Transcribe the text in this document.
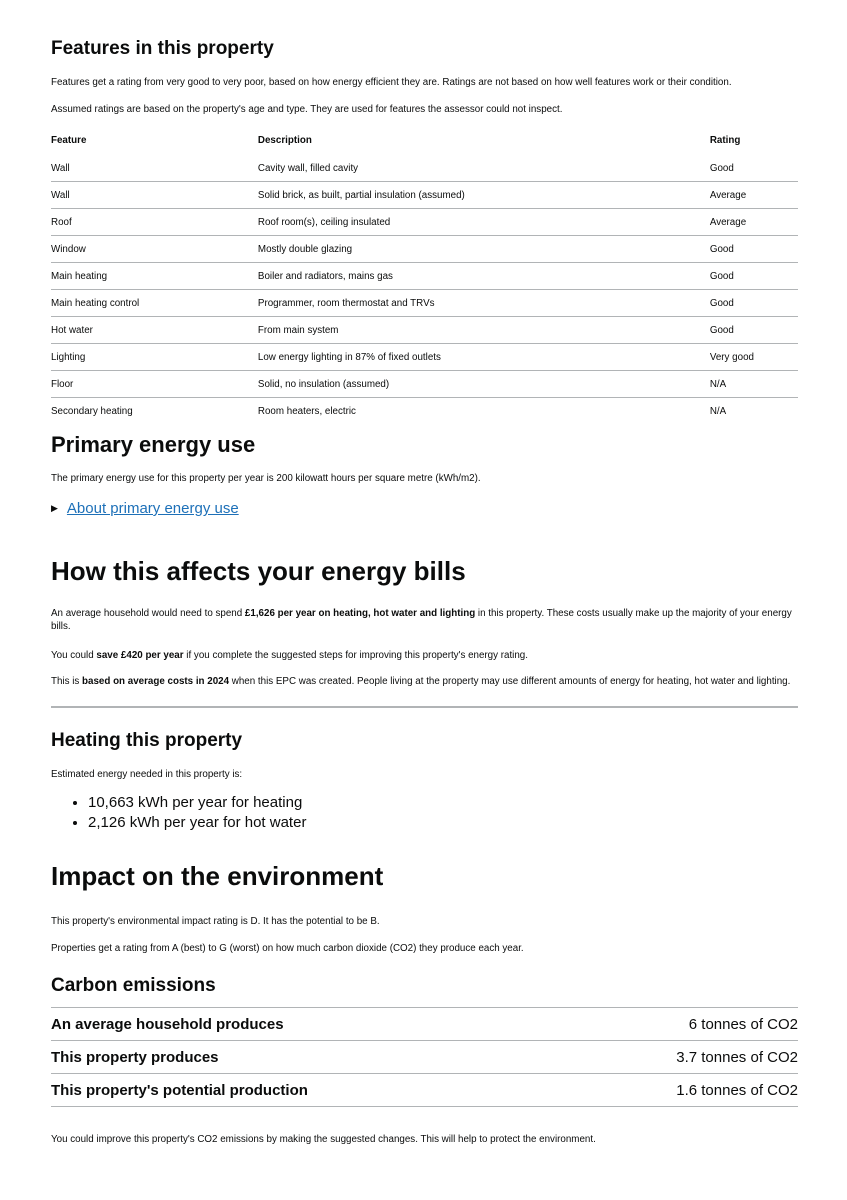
Features in this property

Features get a rating from very good to very poor, based on how energy efficient they are. Ratings are not based on how well features work or their condition.

Assumed ratings are based on the property's age and type. They are used for features the assessor could not inspect.

Feature	Description	Rating
Wall	Cavity wall, filled cavity	Good
Wall	Solid brick, as built, partial insulation (assumed)	Average
Roof	Roof room(s), ceiling insulated	Average
Window	Mostly double glazing	Good
Main heating	Boiler and radiators, mains gas	Good
Main heating control	Programmer, room thermostat and TRVs	Good
Hot water	From main system	Good
Lighting	Low energy lighting in 87% of fixed outlets	Very good
Floor	Solid, no insulation (assumed)	N/A
Secondary heating	Room heaters, electric	N/A
Primary energy use

The primary energy use for this property per year is 200 kilowatt hours per square metre (kWh/m2).

▶ About primary energy use
How this affects your energy bills

An average household would need to spend £1,626 per year on heating, hot water and lighting in this property. These costs usually make up the majority of your energy bills.

You could save £420 per year if you complete the suggested steps for improving this property's energy rating.

This is based on average costs in 2024 when this EPC was created. People living at the property may use different amounts of energy for heating, hot water and lighting.

Heating this property

Estimated energy needed in this property is:

• 10,663 kWh per year for heating
• 2,126 kWh per year for hot water
Impact on the environment

This property's environmental impact rating is D. It has the potential to be B.

Properties get a rating from A (best) to G (worst) on how much carbon dioxide (CO2) they produce each year.

Carbon emissions
An average household produces	6 tonnes of CO2
This property produces	3.7 tonnes of CO2
This property's potential production	1.6 tonnes of CO2

You could improve this property's CO2 emissions by making the suggested changes. This will help to protect the environment.
